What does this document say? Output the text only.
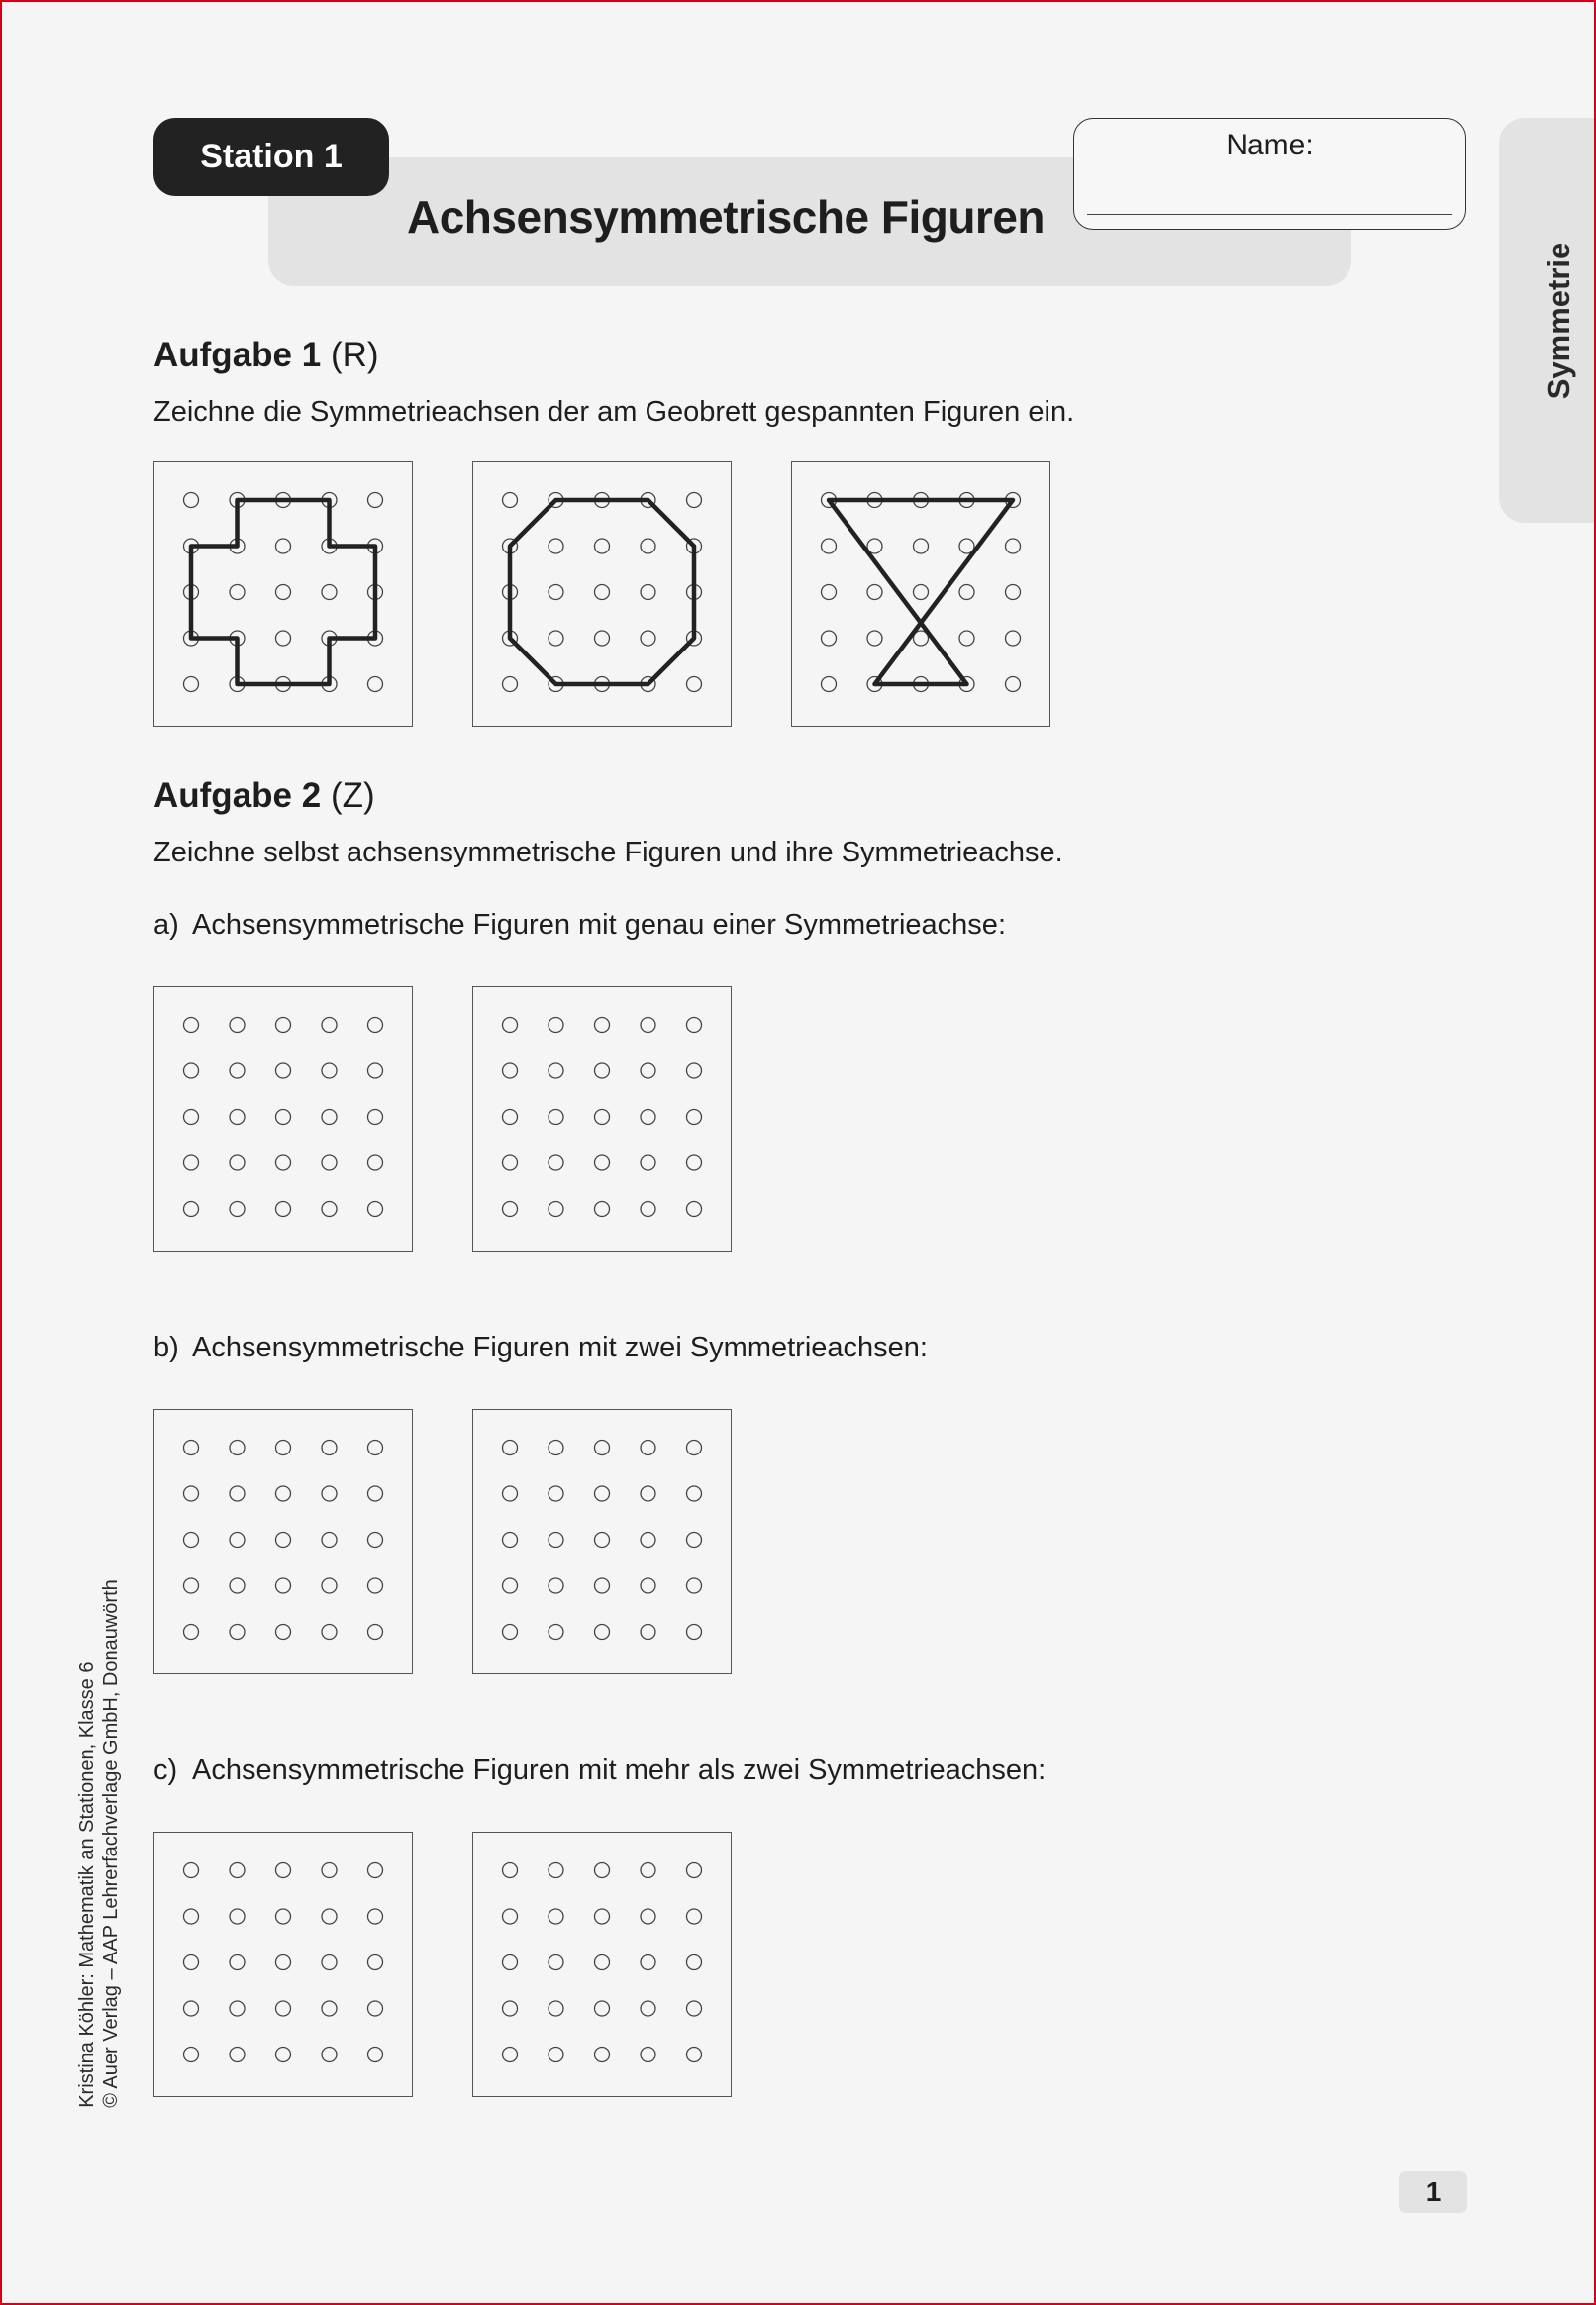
Station 1
Achsensymmetrische Figuren
Name:
Symmetrie
Aufgabe 1 (R)
Zeichne die Symmetrieachsen der am Geobrett gespannten Figuren ein.
Aufgabe 2 (Z)
Zeichne selbst achsensymmetrische Figuren und ihre Symmetrieachse.
a) Achsensymmetrische Figuren mit genau einer Symmetrieachse:
b) Achsensymmetrische Figuren mit zwei Symmetrieachsen:
c) Achsensymmetrische Figuren mit mehr als zwei Symmetrieachsen:
Kristina Köhler: Mathematik an Stationen, Klasse 6 © Auer Verlag – AAP Lehrerfachverlage GmbH, Donauwörth
1
